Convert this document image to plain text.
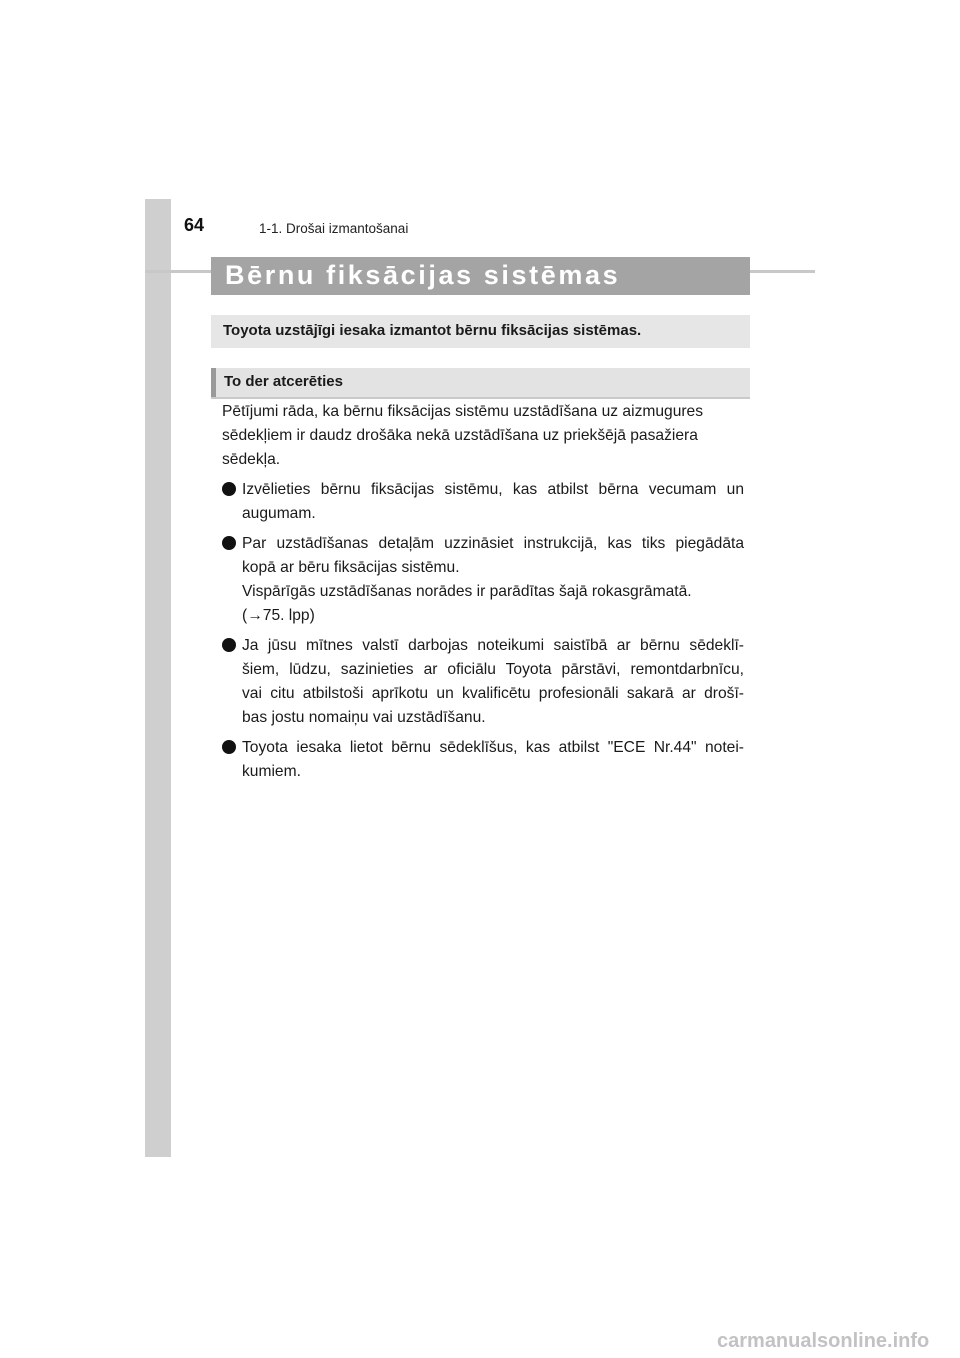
64	1-1. Drošai izmantošanai
Bērnu fiksācijas sistēmas
Toyota uzstājīgi iesaka izmantot bērnu fiksācijas sistēmas.
To der atcerēties

Pētījumi rāda, ka bērnu fiksācijas sistēmu uzstādīšana uz aizmugures
sēdekļiem ir daudz drošāka nekā uzstādīšana uz priekšējā pasažiera
sēdekļa.

Izvēlieties bērnu fiksācijas sistēmu, kas atbilst bērna vecumam un
augumam.
Par uzstādīšanas detaļām uzzināsiet instrukcijā, kas tiks piegādāta
kopā ar bēru fiksācijas sistēmu.
Vispārīgās uzstādīšanas norādes ir parādītas šajā rokasgrāmatā.
(→75. lpp)
Ja jūsu mītnes valstī darbojas noteikumi saistībā ar bērnu sēdeklī-
šiem, lūdzu, sazinieties ar oficiālu Toyota pārstāvi, remontdarbnīcu,
vai citu atbilstoši aprīkotu un kvalificētu profesionāli sakarā ar drošī-
bas jostu nomaiņu vai uzstādīšanu.
Toyota iesaka lietot bērnu sēdeklīšus, kas atbilst "ECE Nr.44" notei-
kumiem.
carmanualsonline.info
